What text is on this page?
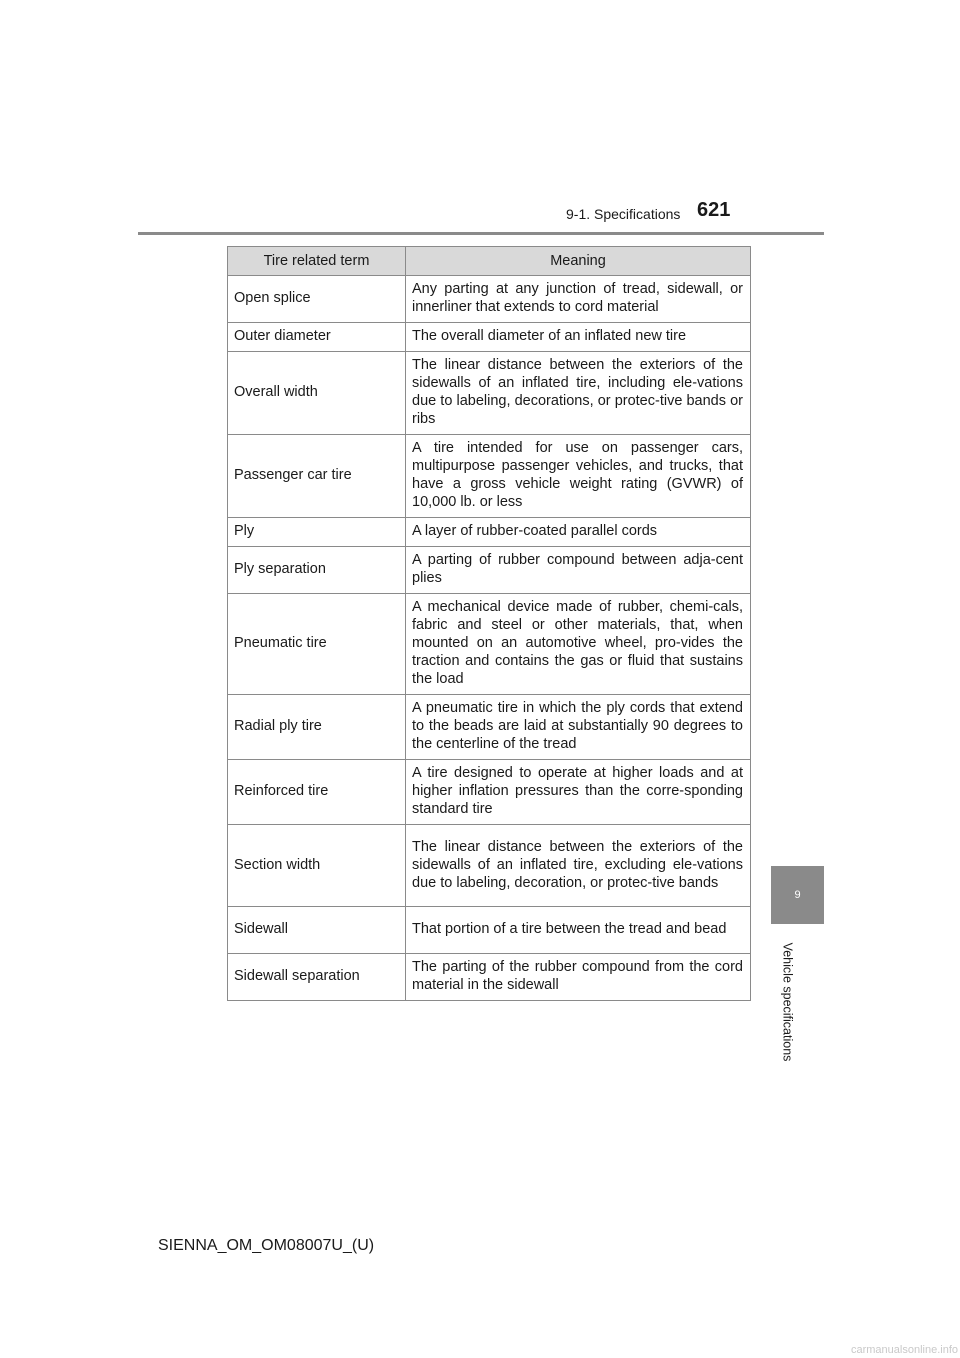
9-1. Specifications 621
Tire related term	Meaning
Open splice	Any parting at any junction of tread, sidewall, or innerliner that extends to cord material
Outer diameter	The overall diameter of an inflated new tire
Overall width	The linear distance between the exteriors of the sidewalls of an inflated tire, including ele-vations due to labeling, decorations, or protec-tive bands or ribs
Passenger car tire	A tire intended for use on passenger cars, multipurpose passenger vehicles, and trucks, that have a gross vehicle weight rating (GVWR) of 10,000 lb. or less
Ply	A layer of rubber-coated parallel cords
Ply separation	A parting of rubber compound between adja-cent plies
Pneumatic tire	A mechanical device made of rubber, chemi-cals, fabric and steel or other materials, that, when mounted on an automotive wheel, pro-vides the traction and contains the gas or fluid that sustains the load
Radial ply tire	A pneumatic tire in which the ply cords that extend to the beads are laid at substantially 90 degrees to the centerline of the tread
Reinforced tire	A tire designed to operate at higher loads and at higher inflation pressures than the corre-sponding standard tire
Section width	The linear distance between the exteriors of the sidewalls of an inflated tire, excluding ele-vations due to labeling, decoration, or protec-tive bands
Sidewall	That portion of a tire between the tread and bead
Sidewall separation	The parting of the rubber compound from the cord material in the sidewall
9
Vehicle specifications
SIENNA_OM_OM08007U_(U)
carmanualsonline.info
